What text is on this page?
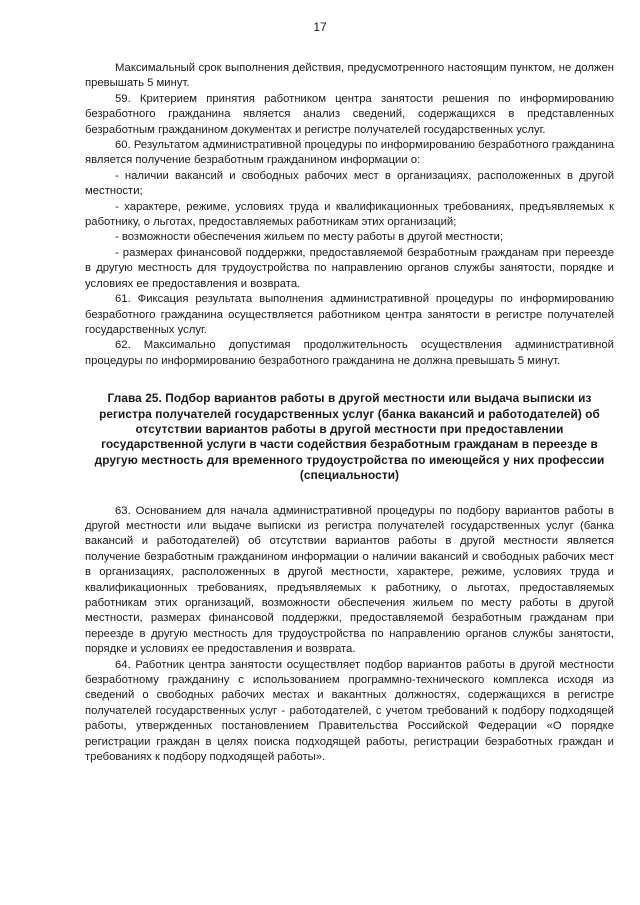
17

Максимальный срок выполнения действия, предусмотренного настоящим пунктом, не должен превышать 5 минут.

59. Критерием принятия работником центра занятости решения по информированию безработного гражданина является анализ сведений, содержащихся в представленных безработным гражданином документах и регистре получателей государственных услуг.

60. Результатом административной процедуры по информированию безработного гражданина является получение безработным гражданином информации о:

- наличии вакансий и свободных рабочих мест в организациях, расположенных в другой местности;

- характере, режиме, условиях труда и квалификационных требованиях, предъявляемых к работнику, о льготах, предоставляемых работникам этих организаций;

- возможности обеспечения жильем по месту работы в другой местности;

- размерах финансовой поддержки, предоставляемой безработным гражданам при переезде в другую местность для трудоустройства по направлению органов службы занятости, порядке и условиях ее предоставления и возврата.

61. Фиксация результата выполнения административной процедуры по информированию безработного гражданина осуществляется работником центра занятости в регистре получателей государственных услуг.

62. Максимально допустимая продолжительность осуществления административной процедуры по информированию безработного гражданина не должна превышать 5 минут.

Глава 25. Подбор вариантов работы в другой местности или выдача выписки из регистра получателей государственных услуг (банка вакансий и работодателей) об отсутствии вариантов работы в другой местности при предоставлении государственной услуги в части содействия безработным гражданам в переезде в другую местность для временного трудоустройства по имеющейся у них профессии (специальности)

63. Основанием для начала административной процедуры по подбору вариантов работы в другой местности или выдаче выписки из регистра получателей государственных услуг (банка вакансий и работодателей) об отсутствии вариантов работы в другой местности является получение безработным гражданином информации о наличии вакансий и свободных рабочих мест в организациях, расположенных в другой местности, характере, режиме, условиях труда и квалификационных требованиях, предъявляемых к работнику, о льготах, предоставляемых работникам этих организаций, возможности обеспечения жильем по месту работы в другой местности, размерах финансовой поддержки, предоставляемой безработным гражданам при переезде в другую местность для трудоустройства по направлению органов службы занятости, порядке и условиях ее предоставления и возврата.

64. Работник центра занятости осуществляет подбор вариантов работы в другой местности безработному гражданину с использованием программно-технического комплекса исходя из сведений о свободных рабочих местах и вакантных должностях, содержащихся в регистре получателей государственных услуг - работодателей, с учетом требований к подбору подходящей работы, утвержденных постановлением Правительства Российской Федерации «О порядке регистрации граждан в целях поиска подходящей работы, регистрации безработных граждан и требованиях к подбору подходящей работы».
